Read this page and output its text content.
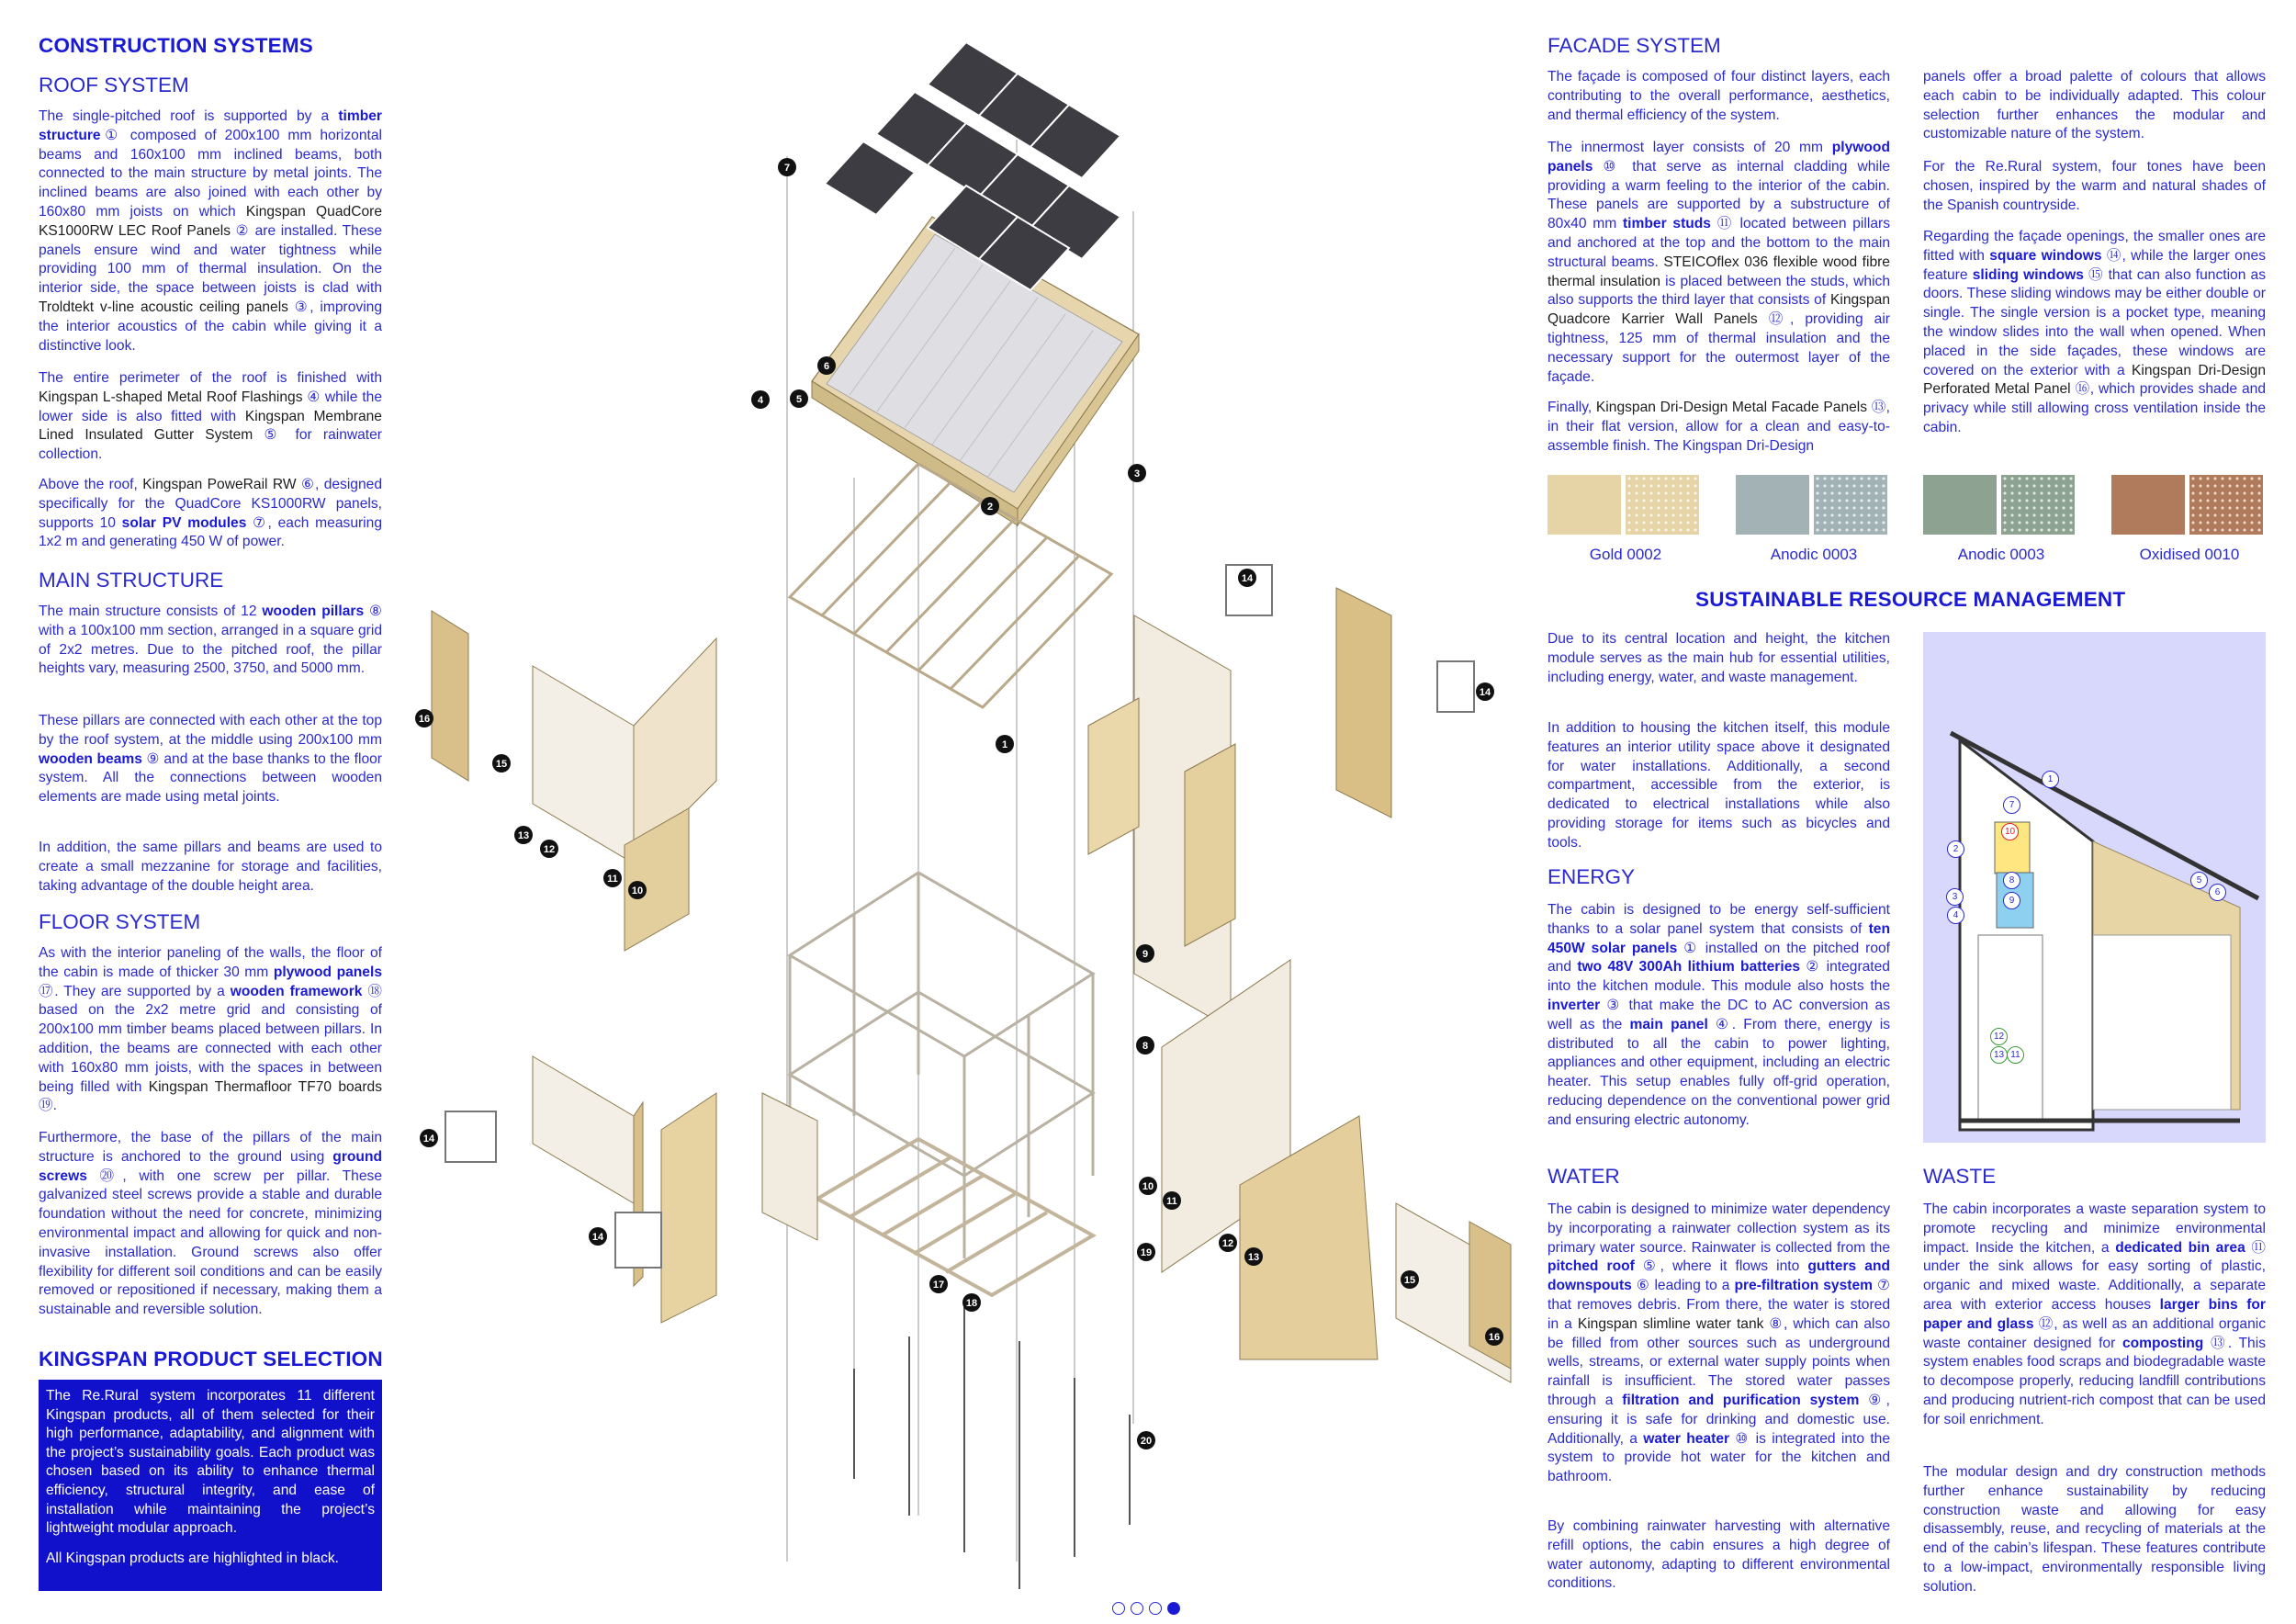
CONSTRUCTION SYSTEMS
ROOF SYSTEM

The single-pitched roof is supported by a timber structure① composed of 200x100 mm horizontal beams and 160x100 mm inclined beams, both connected to the main structure by metal joints. The inclined beams are also joined with each other by 160x80 mm joists on which Kingspan QuadCore KS1000RW LEC Roof Panels ② are installed. These panels ensure wind and water tightness while providing 100 mm of thermal insulation. On the interior side, the space between joists is clad with Troldtekt v-line acoustic ceiling panels ③, improving the interior acoustics of the cabin while giving it a distinctive look.

The entire perimeter of the roof is finished with Kingspan L-shaped Metal Roof Flashings ④ while the lower side is also fitted with Kingspan Membrane Lined Insulated Gutter System ⑤ for rainwater collection.

Above the roof, Kingspan PoweRail RW ⑥, designed specifically for the QuadCore KS1000RW panels, supports 10 solar PV modules ⑦, each measuring 1x2 m and generating 450 W of power.

MAIN STRUCTURE

The main structure consists of 12 wooden pillars ⑧ with a 100x100 mm section, arranged in a square grid of 2x2 metres. Due to the pitched roof, the pillar heights vary, measuring 2500, 3750, and 5000 mm.

These pillars are connected with each other at the top by the roof system, at the middle using 200x100 mm wooden beams ⑨ and at the base thanks to the floor system. All the connections between wooden elements are made using metal joints.

In addition, the same pillars and beams are used to create a small mezzanine for storage and facilities, taking advantage of the double height area.

FLOOR SYSTEM

As with the interior paneling of the walls, the floor of the cabin is made of thicker 30 mm plywood panels ⑰. They are supported by a wooden framework ⑱ based on the 2x2 metre grid and consisting of 200x100 mm timber beams placed between pillars. In addition, the beams are connected with each other with 160x80 mm joists, with the spaces in between being filled with Kingspan Thermafloor TF70 boards ⑲.

Furthermore, the base of the pillars of the main structure is anchored to the ground using ground screws ⑳, with one screw per pillar. These galvanized steel screws provide a stable and durable foundation without the need for concrete, minimizing environmental impact and allowing for quick and non-invasive installation. Ground screws also offer flexibility for different soil conditions and can be easily removed or repositioned if necessary, making them a sustainable and reversible solution.

KINGSPAN PRODUCT SELECTION

The Re.Rural system incorporates 11 different Kingspan products, all of them selected for their high performance, adaptability, and alignment with the project’s sustainability goals. Each product was chosen based on its ability to enhance thermal efficiency, structural integrity, and ease of installation while maintaining the project’s lightweight modular approach.

All Kingspan products are highlighted in black.

7
6
4	5
2
3
1
14
14
16
15
13
12
11
10
9
8
14
14
10
11
19
12
13
17
18
15
16
20
FACADE SYSTEM

The façade is composed of four distinct layers, each contributing to the overall performance, aesthetics, and thermal efficiency of the system.

The innermost layer consists of 20 mm plywood panels ⑩ that serve as internal cladding while providing a warm feeling to the interior of the cabin. These panels are supported by a substructure of 80x40 mm timber studs ⑪ located between pillars and anchored at the top and the bottom to the main structural beams. STEICOflex 036 flexible wood fibre thermal insulation is placed between the studs, which also supports the third layer that consists of Kingspan Quadcore Karrier Wall Panels ⑫, providing air tightness, 125 mm of thermal insulation and the necessary support for the outermost layer of the façade.

Finally, Kingspan Dri-Design Metal Facade Panels ⑬, in their flat version, allow for a clean and easy-to-assemble finish. The Kingspan Dri-Design

panels offer a broad palette of colours that allows each cabin to be individually adapted. This colour selection further enhances the modular and customizable nature of the system.

For the Re.Rural system, four tones have been chosen, inspired by the warm and natural shades of the Spanish countryside.

Regarding the façade openings, the smaller ones are fitted with square windows ⑭, while the larger ones feature sliding windows ⑮ that can also function as doors. These sliding windows may be either double or single. The single version is a pocket type, meaning the window slides into the wall when opened. When placed in the side façades, these windows are covered on the exterior with a Kingspan Dri-Design Perforated Metal Panel ⑯, which provides shade and privacy while still allowing cross ventilation inside the cabin.

Gold 0002	Anodic 0003	Anodic 0003	Oxidised 0010
SUSTAINABLE RESOURCE MANAGEMENT

Due to its central location and height, the kitchen module serves as the main hub for essential utilities, including energy, water, and waste management.

In addition to housing the kitchen itself, this module features an interior utility space above it designated for water installations. Additionally, a second compartment, accessible from the exterior, is dedicated to electrical installations while also providing storage for items such as bicycles and tools.

ENERGY

The cabin is designed to be energy self-sufficient thanks to a solar panel system that consists of ten 450W solar panels ① installed on the pitched roof and two 48V 300Ah lithium batteries ② integrated into the kitchen module. This module also hosts the inverter ③ that make the DC to AC conversion as well as the main panel ④. From there, energy is distributed to all the cabin to power lighting, appliances and other equipment, including an electric heater. This setup enables fully off-grid operation, reducing dependence on the conventional power grid and ensuring electric autonomy.

WATER

The cabin is designed to minimize water dependency by incorporating a rainwater collection system as its primary water source. Rainwater is collected from the pitched roof ⑤, where it flows into gutters and downspouts ⑥ leading to a pre-filtration system ⑦ that removes debris. From there, the water is stored in a Kingspan slimline water tank ⑧, which can also be filled from other sources such as underground wells, streams, or external water supply points when rainfall is insufficient. The stored water passes through a filtration and purification system ⑨, ensuring it is safe for drinking and domestic use. Additionally, a water heater ⑩ is integrated into the system to provide hot water for the kitchen and bathroom.

By combining rainwater harvesting with alternative refill options, the cabin ensures a high degree of water autonomy, adapting to different environmental conditions.

1
2
3
4
5
6
7
8
9
10
11
12
13
WASTE

The cabin incorporates a waste separation system to promote recycling and minimize environmental impact. Inside the kitchen, a dedicated bin area ⑪ under the sink allows for easy sorting of plastic, organic and mixed waste. Additionally, a separate area with exterior access houses larger bins for paper and glass ⑫, as well as an additional organic waste container designed for composting ⑬. This system enables food scraps and biodegradable waste to decompose properly, reducing landfill contributions and producing nutrient-rich compost that can be used for soil enrichment.

The modular design and dry construction methods further enhance sustainability by reducing construction waste and allowing for easy disassembly, reuse, and recycling of materials at the end of the cabin’s lifespan. These features contribute to a low-impact, environmentally responsible living solution.
